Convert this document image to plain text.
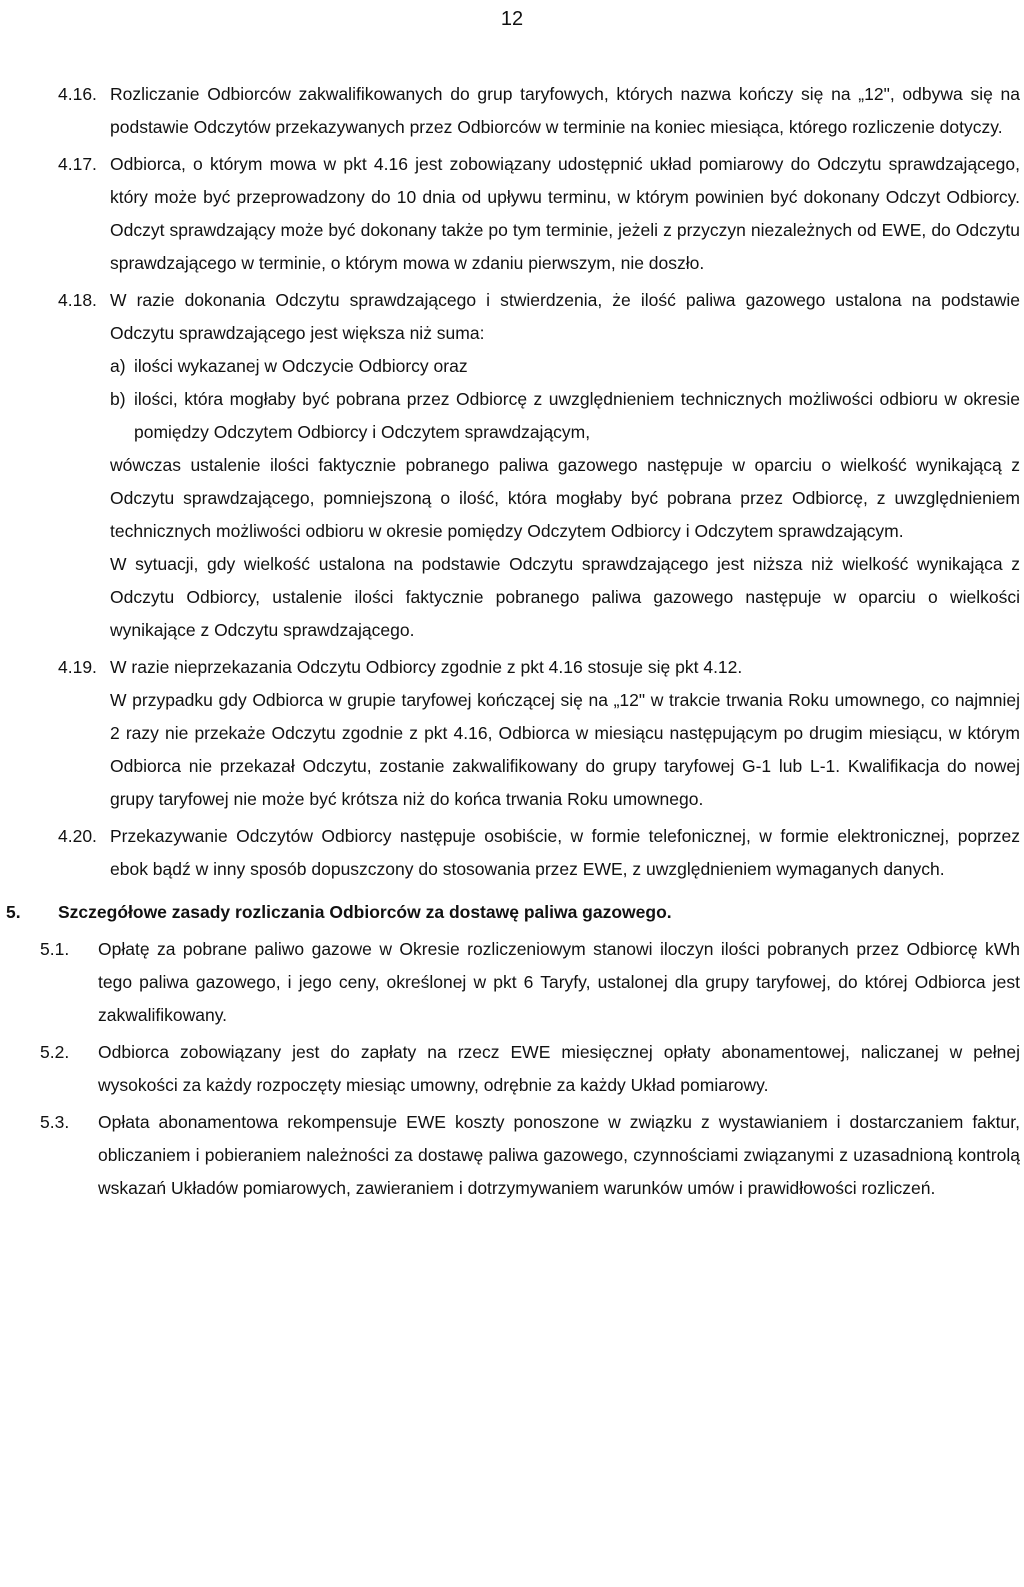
12
4.16. Rozliczanie Odbiorców zakwalifikowanych do grup taryfowych, których nazwa kończy się na „12", odbywa się na podstawie Odczytów przekazywanych przez Odbiorców w terminie na koniec miesiąca, którego rozliczenie dotyczy.
4.17. Odbiorca, o którym mowa w pkt 4.16 jest zobowiązany udostępnić układ pomiarowy do Odczytu sprawdzającego, który może być przeprowadzony do 10 dnia od upływu terminu, w którym powinien być dokonany Odczyt Odbiorcy. Odczyt sprawdzający może być dokonany także po tym terminie, jeżeli z przyczyn niezależnych od EWE, do Odczytu sprawdzającego w terminie, o którym mowa w zdaniu pierwszym, nie doszło.
4.18. W razie dokonania Odczytu sprawdzającego i stwierdzenia, że ilość paliwa gazowego ustalona na podstawie Odczytu sprawdzającego jest większa niż suma:
a) ilości wykazanej w Odczycie Odbiorcy oraz
b) ilości, która mogłaby być pobrana przez Odbiorcę z uwzględnieniem technicznych możliwości odbioru w okresie pomiędzy Odczytem Odbiorcy i Odczytem sprawdzającym,
wówczas ustalenie ilości faktycznie pobranego paliwa gazowego następuje w oparciu o wielkość wynikającą z Odczytu sprawdzającego, pomniejszoną o ilość, która mogłaby być pobrana przez Odbiorcę, z uwzględnieniem technicznych możliwości odbioru w okresie pomiędzy Odczytem Odbiorcy i Odczytem sprawdzającym.
W sytuacji, gdy wielkość ustalona na podstawie Odczytu sprawdzającego jest niższa niż wielkość wynikająca z Odczytu Odbiorcy, ustalenie ilości faktycznie pobranego paliwa gazowego następuje w oparciu o wielkości wynikające z Odczytu sprawdzającego.
4.19. W razie nieprzekazania Odczytu Odbiorcy zgodnie z pkt 4.16 stosuje się pkt 4.12.
W przypadku gdy Odbiorca w grupie taryfowej kończącej się na „12" w trakcie trwania Roku umownego, co najmniej 2 razy nie przekaże Odczytu zgodnie z pkt 4.16, Odbiorca w miesiącu następującym po drugim miesiącu, w którym Odbiorca nie przekazał Odczytu, zostanie zakwalifikowany do grupy taryfowej G-1 lub L-1. Kwalifikacja do nowej grupy taryfowej nie może być krótsza niż do końca trwania Roku umownego.
4.20. Przekazywanie Odczytów Odbiorcy następuje osobiście, w formie telefonicznej, w formie elektronicznej, poprzez ebok bądź w inny sposób dopuszczony do stosowania przez EWE, z uwzględnieniem wymaganych danych.
5.	Szczegółowe zasady rozliczania Odbiorców za dostawę paliwa gazowego.
5.1.	Opłatę za pobrane paliwo gazowe w Okresie rozliczeniowym stanowi iloczyn ilości pobranych przez Odbiorcę kWh tego paliwa gazowego, i jego ceny, określonej w pkt 6 Taryfy, ustalonej dla grupy taryfowej, do której Odbiorca jest zakwalifikowany.
5.2.	Odbiorca zobowiązany jest do zapłaty na rzecz EWE miesięcznej opłaty abonamentowej, naliczanej w pełnej wysokości za każdy rozpoczęty miesiąc umowny, odrębnie za każdy Układ pomiarowy.
5.3.	Opłata abonamentowa rekompensuje EWE koszty ponoszone w związku z wystawianiem i dostarczaniem faktur, obliczaniem i pobieraniem należności za dostawę paliwa gazowego, czynnościami związanymi z uzasadnioną kontrolą wskazań Układów pomiarowych, zawieraniem i dotrzymywaniem warunków umów i prawidłowości rozliczeń.
